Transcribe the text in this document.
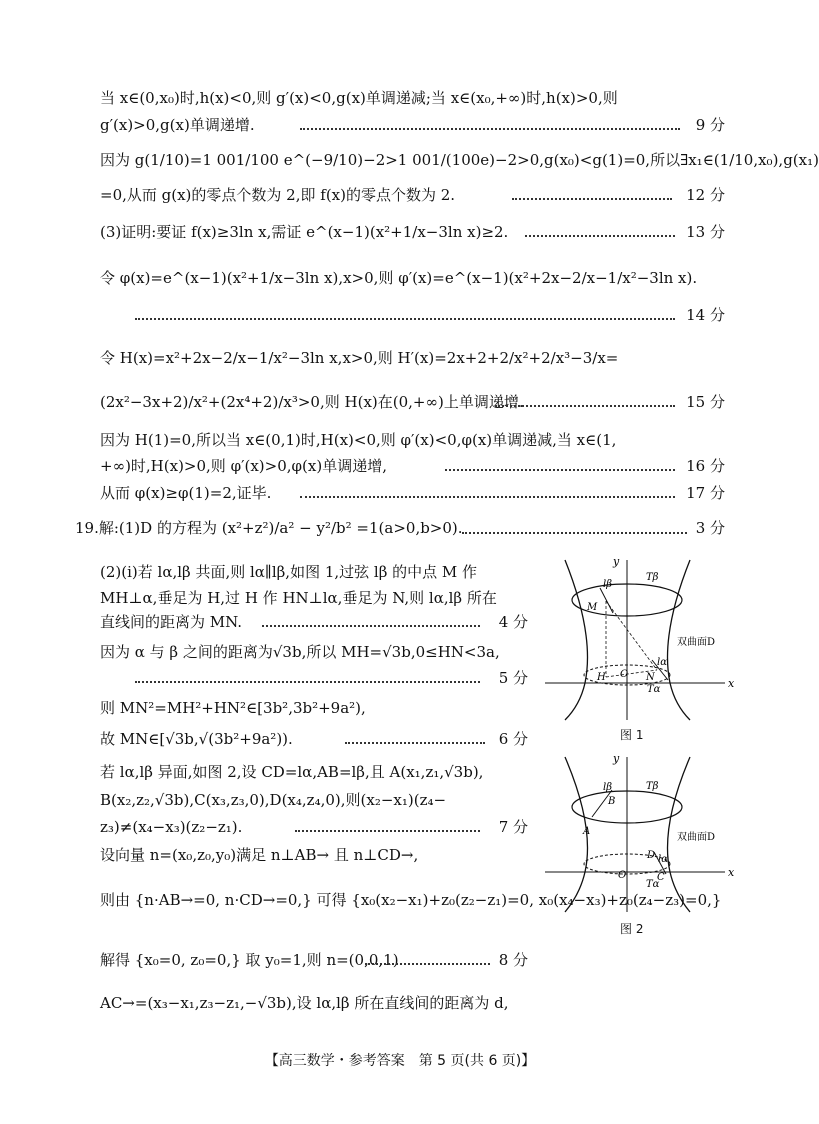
当 x∈(0,x₀)时,h(x)<0,则 g′(x)<0,g(x)单调递减;当 x∈(x₀,+∞)时,h(x)>0,则
g′(x)>0,g(x)单调递增.	9 分
因为 g(1/10)=1 001/100 e^(−9/10)−2>1 001/(100e)−2>0,g(x₀)<g(1)=0,所以∃x₁∈(1/10,x₀),g(x₁)
=0,从而 g(x)的零点个数为 2,即 f(x)的零点个数为 2.	12 分
(3)证明:要证 f(x)≥3ln x,需证 e^(x−1)(x²+1/x−3ln x)≥2.	13 分
令 φ(x)=e^(x−1)(x²+1/x−3ln x),x>0,则 φ′(x)=e^(x−1)(x²+2x−2/x−1/x²−3ln x).
14 分
令 H(x)=x²+2x−2/x−1/x²−3ln x,x>0,则 H′(x)=2x+2+2/x²+2/x³−3/x=
(2x²−3x+2)/x²+(2x⁴+2)/x³>0,则 H(x)在(0,+∞)上单调递增.	15 分
因为 H(1)=0,所以当 x∈(0,1)时,H(x)<0,则 φ′(x)<0,φ(x)单调递减,当 x∈(1,
+∞)时,H(x)>0,则 φ′(x)>0,φ(x)单调递增,	16 分
从而 φ(x)≥φ(1)=2,证毕.	17 分
19.解:(1)D 的方程为 (x²+z²)/a² − y²/b² =1(a>0,b>0).	3 分
(2)(ⅰ)若 lα,lβ 共面,则 lα∥lβ,如图 1,过弦 lβ 的中点 M 作
MH⊥α,垂足为 H,过 H 作 HN⊥lα,垂足为 N,则 lα,lβ 所在
直线间的距离为 MN.	4 分
因为 α 与 β 之间的距离为√3b,所以 MH=√3b,0≤HN<3a,
5 分
则 MN²=MH²+HN²∈[3b²,3b²+9a²),
故 MN∈[√3b,√(3b²+9a²)).	6 分
若 lα,lβ 异面,如图 2,设 CD=lα,AB=lβ,且 A(x₁,z₁,√3b),
B(x₂,z₂,√3b),C(x₃,z₃,0),D(x₄,z₄,0),则(x₂−x₁)(z₄−
z₃)≠(x₄−x₃)(z₂−z₁).	7 分
设向量 n=(x₀,z₀,y₀)满足 n⊥AB→ 且 n⊥CD→,
则由 {n·AB→=0, n·CD→=0,} 可得 {x₀(x₂−x₁)+z₀(z₂−z₁)=0, x₀(x₄−x₃)+z₀(z₄−z₃)=0,}
解得 {x₀=0, z₀=0,} 取 y₀=1,则 n=(0,0,1).	8 分
AC→=(x₃−x₁,z₃−z₁,−√3b),设 lα,lβ 所在直线间的距离为 d,
y
x
O
M
H	N
lβ
lα
Tβ
Tα
双曲面D
图 1
y
x
O
A
B
C
D
lβ
lα
Tβ
Tα
双曲面D
图 2
【高三数学・参考答案　第 5 页(共 6 页)】
